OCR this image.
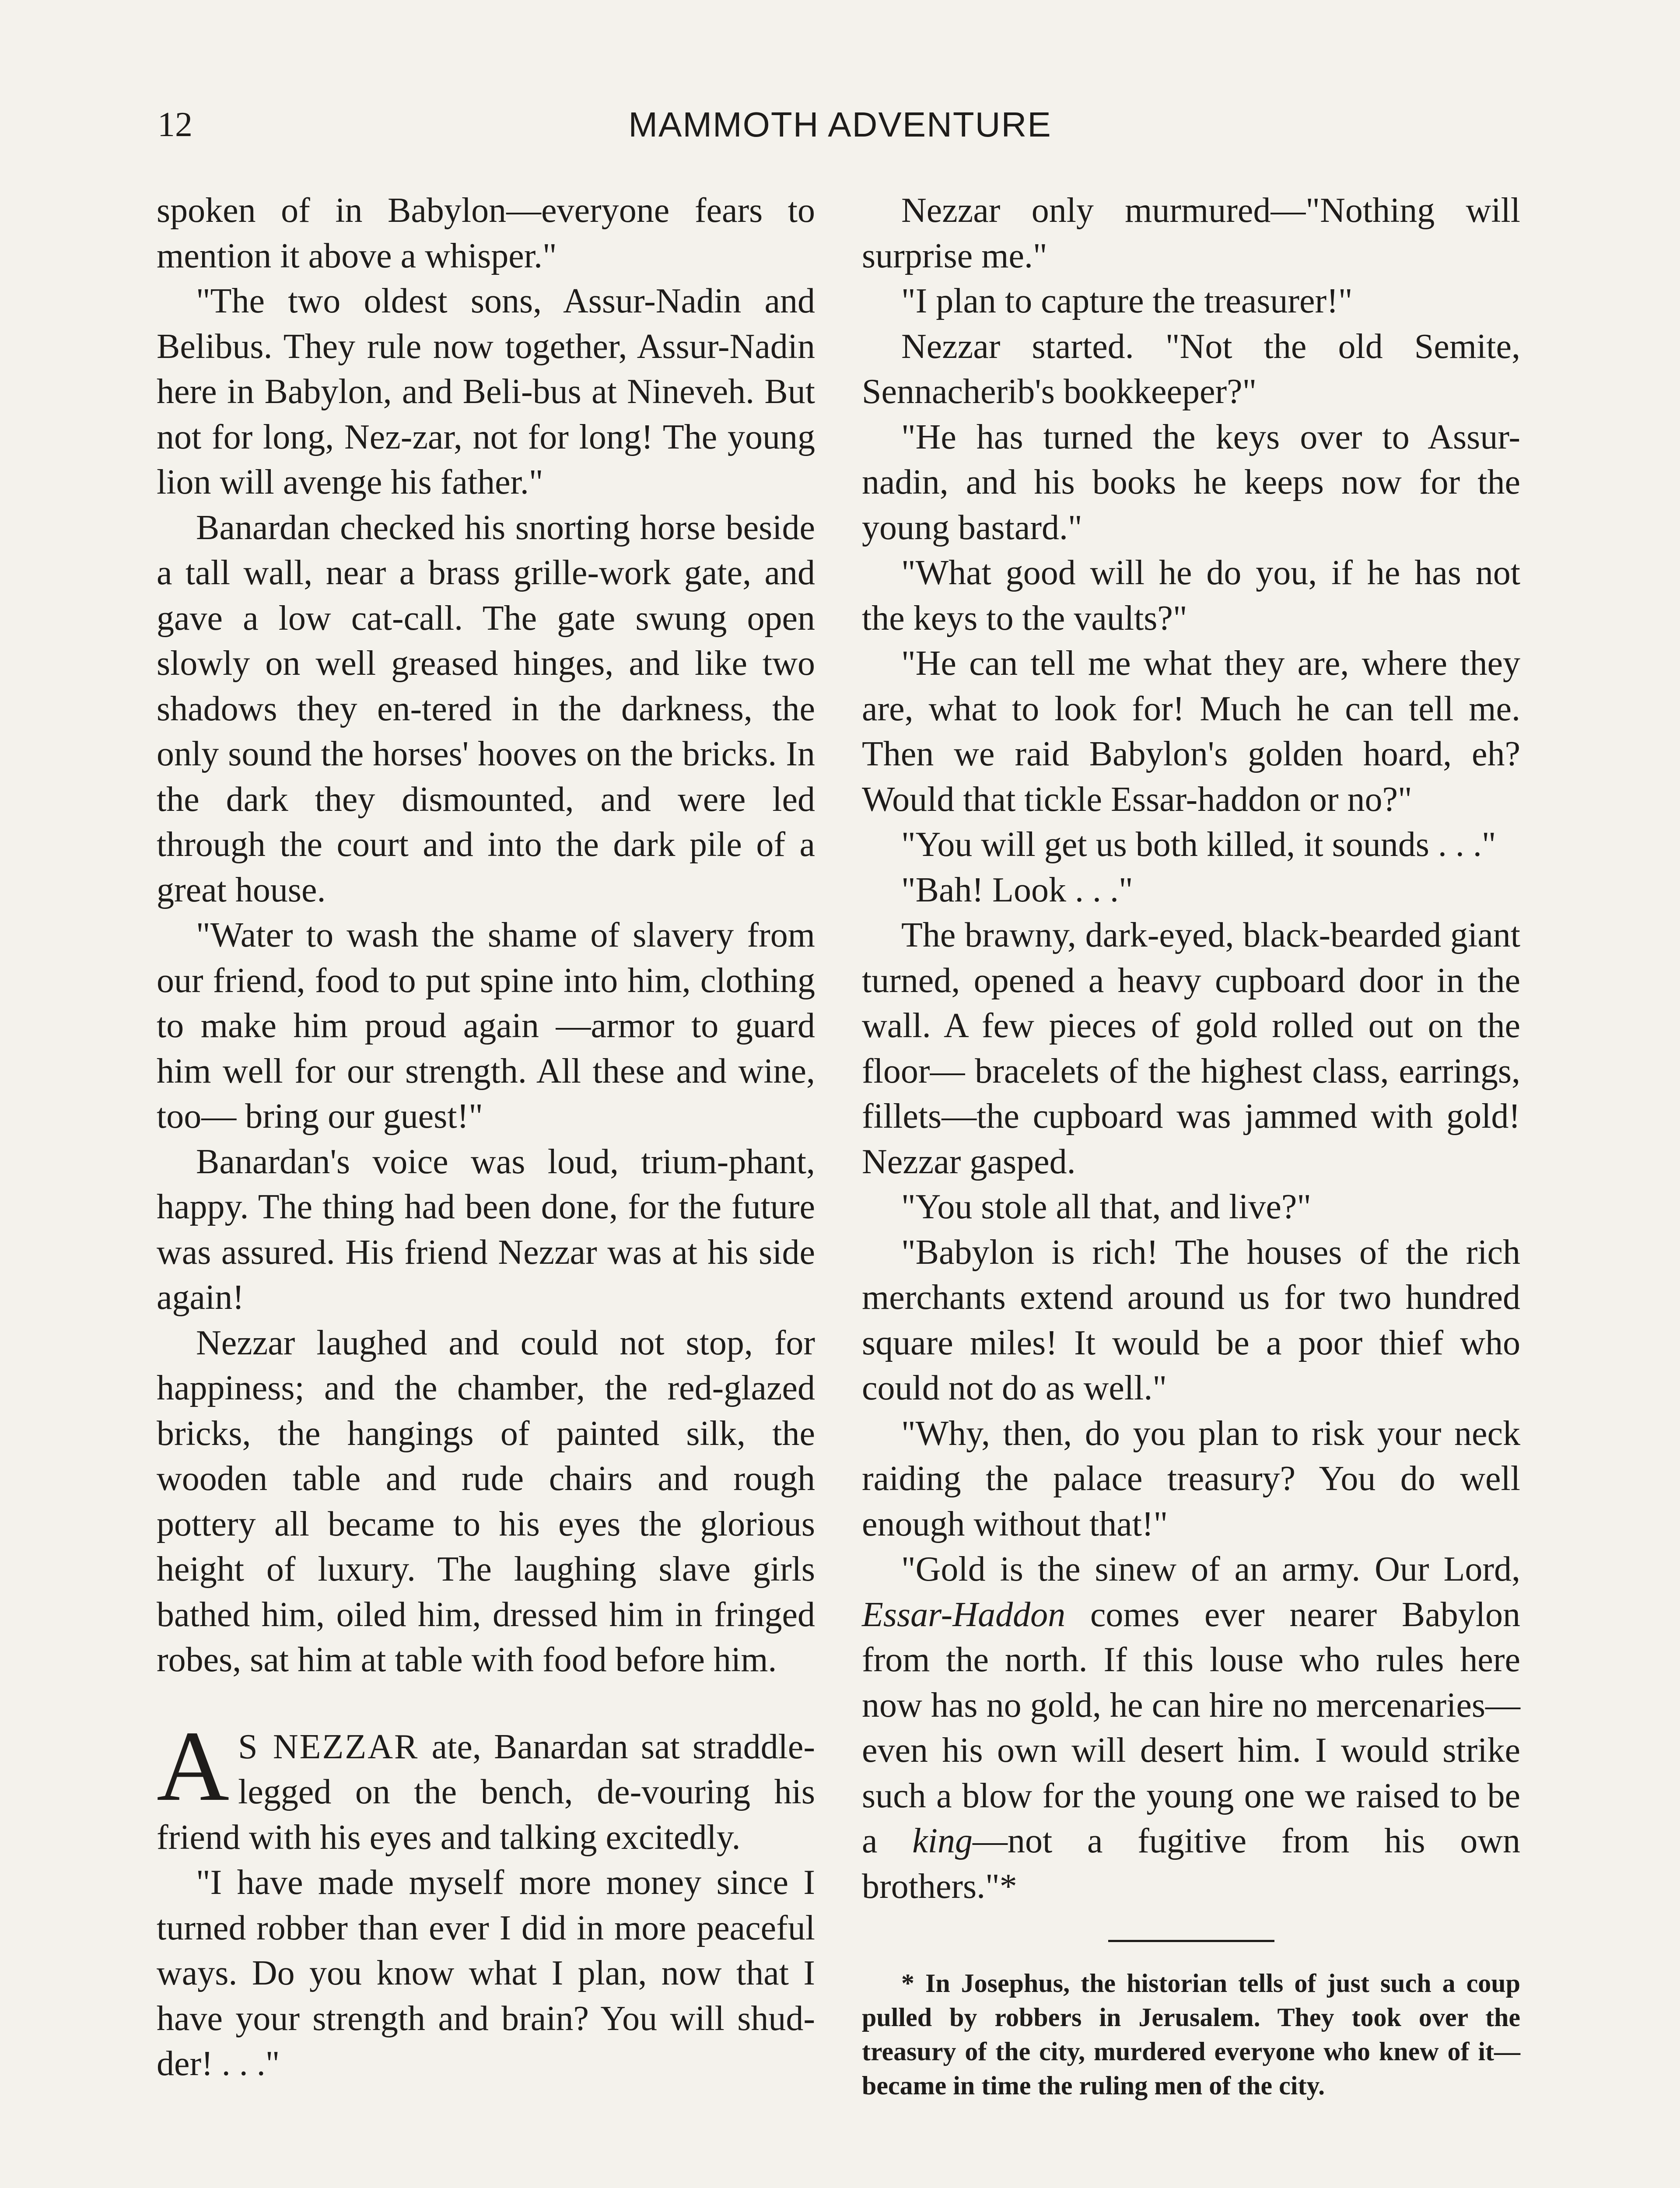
12	MAMMOTH ADVENTURE

spoken of in Babylon—everyone fears to mention it above a whisper."

"The two oldest sons, Assur-Nadin and Belibus. They rule now together, Assur-Nadin here in Babylon, and Beli-bus at Nineveh. But not for long, Nez-zar, not for long! The young lion will avenge his father."

Banardan checked his snorting horse beside a tall wall, near a brass grille-work gate, and gave a low cat-call. The gate swung open slowly on well greased hinges, and like two shadows they en-tered in the darkness, the only sound the horses' hooves on the bricks. In the dark they dismounted, and were led through the court and into the dark pile of a great house.

"Water to wash the shame of slavery from our friend, food to put spine into him, clothing to make him proud again —armor to guard him well for our strength. All these and wine, too— bring our guest!"

Banardan's voice was loud, trium-phant, happy. The thing had been done, for the future was assured. His friend Nezzar was at his side again!

Nezzar laughed and could not stop, for happiness; and the chamber, the red-glazed bricks, the hangings of painted silk, the wooden table and rude chairs and rough pottery all became to his eyes the glorious height of luxury. The laughing slave girls bathed him, oiled him, dressed him in fringed robes, sat him at table with food before him.

A S NEZZAR ate, Banardan sat straddle-legged on the bench, de-vouring his friend with his eyes and talking excitedly.

"I have made myself more money since I turned robber than ever I did in more peaceful ways. Do you know what I plan, now that I have your strength and brain? You will shud-der! . . ."

Nezzar only murmured—"Nothing will surprise me."

"I plan to capture the treasurer!"

Nezzar started. "Not the old Semite, Sennacherib's bookkeeper?"

"He has turned the keys over to Assur-nadin, and his books he keeps now for the young bastard."

"What good will he do you, if he has not the keys to the vaults?"

"He can tell me what they are, where they are, what to look for! Much he can tell me. Then we raid Babylon's golden hoard, eh? Would that tickle Essar-haddon or no?"

"You will get us both killed, it sounds . . ."

"Bah! Look . . ."

The brawny, dark-eyed, black-bearded giant turned, opened a heavy cupboard door in the wall. A few pieces of gold rolled out on the floor— bracelets of the highest class, earrings, fillets—the cupboard was jammed with gold! Nezzar gasped.

"You stole all that, and live?"

"Babylon is rich! The houses of the rich merchants extend around us for two hundred square miles! It would be a poor thief who could not do as well."

"Why, then, do you plan to risk your neck raiding the palace treasury? You do well enough without that!"

"Gold is the sinew of an army. Our Lord, Essar-Haddon comes ever nearer Babylon from the north. If this louse who rules here now has no gold, he can hire no mercenaries—even his own will desert him. I would strike such a blow for the young one we raised to be a king—not a fugitive from his own brothers."*

* In Josephus, the historian tells of just such a coup pulled by robbers in Jerusalem. They took over the treasury of the city, murdered everyone who knew of it—became in time the ruling men of the city.
